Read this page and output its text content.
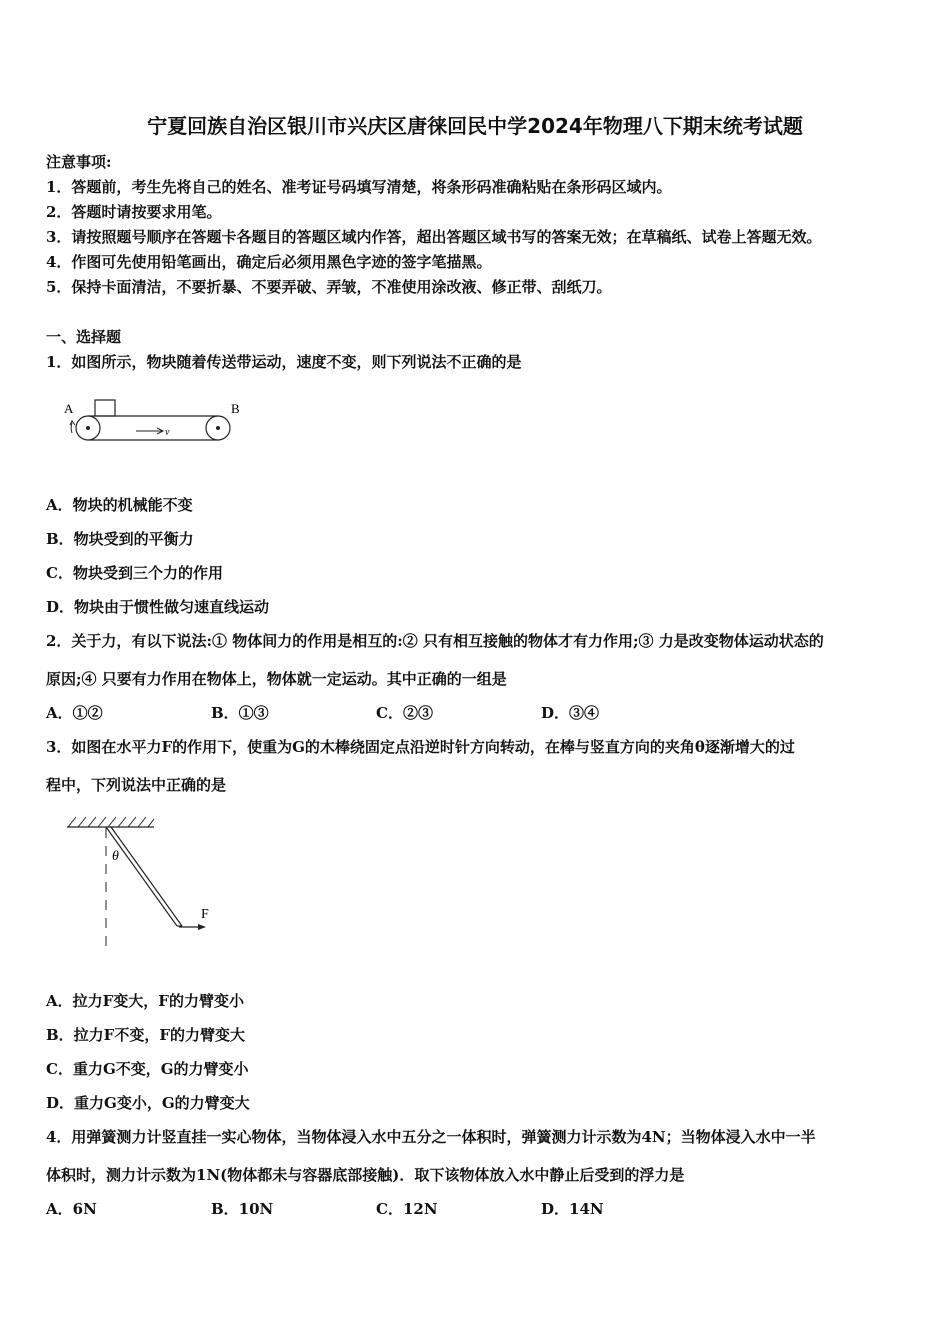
宁夏回族自治区银川市兴庆区唐徕回民中学2024年物理八下期末统考试题
注意事项:
1．答题前，考生先将自己的姓名、准考证号码填写清楚，将条形码准确粘贴在条形码区域内。
2．答题时请按要求用笔。
3．请按照题号顺序在答题卡各题目的答题区域内作答，超出答题区域书写的答案无效；在草稿纸、试卷上答题无效。
4．作图可先使用铅笔画出，确定后必须用黑色字迹的签字笔描黑。
5．保持卡面清洁，不要折暴、不要弄破、弄皱，不准使用涂改液、修正带、刮纸刀。
一、选择题
1．如图所示，物块随着传送带运动，速度不变，则下列说法不正确的是
A	B
v
A．物块的机械能不变
B．物块受到的平衡力
C．物块受到三个力的作用
D．物块由于惯性做匀速直线运动
2．关于力，有以下说法:① 物体间力的作用是相互的:② 只有相互接触的物体才有力作用;③ 力是改变物体运动状态的
原因;④ 只要有力作用在物体上，物体就一定运动。其中正确的一组是
A．①②	B．①③	C．②③	D．③④
3．如图在水平力F的作用下，使重为G的木棒绕固定点沿逆时针方向转动，在棒与竖直方向的夹角θ逐渐增大的过
程中，下列说法中正确的是
θ
F
A．拉力F变大，F的力臂变小
B．拉力F不变，F的力臂变大
C．重力G不变，G的力臂变小
D．重力G变小，G的力臂变大
4．用弹簧测力计竖直挂一实心物体，当物体浸入水中五分之一体积时，弹簧测力计示数为4N；当物体浸入水中一半
体积时，测力计示数为1N(物体都未与容器底部接触)．取下该物体放入水中静止后受到的浮力是
A．6N	B．10N	C．12N	D．14N
